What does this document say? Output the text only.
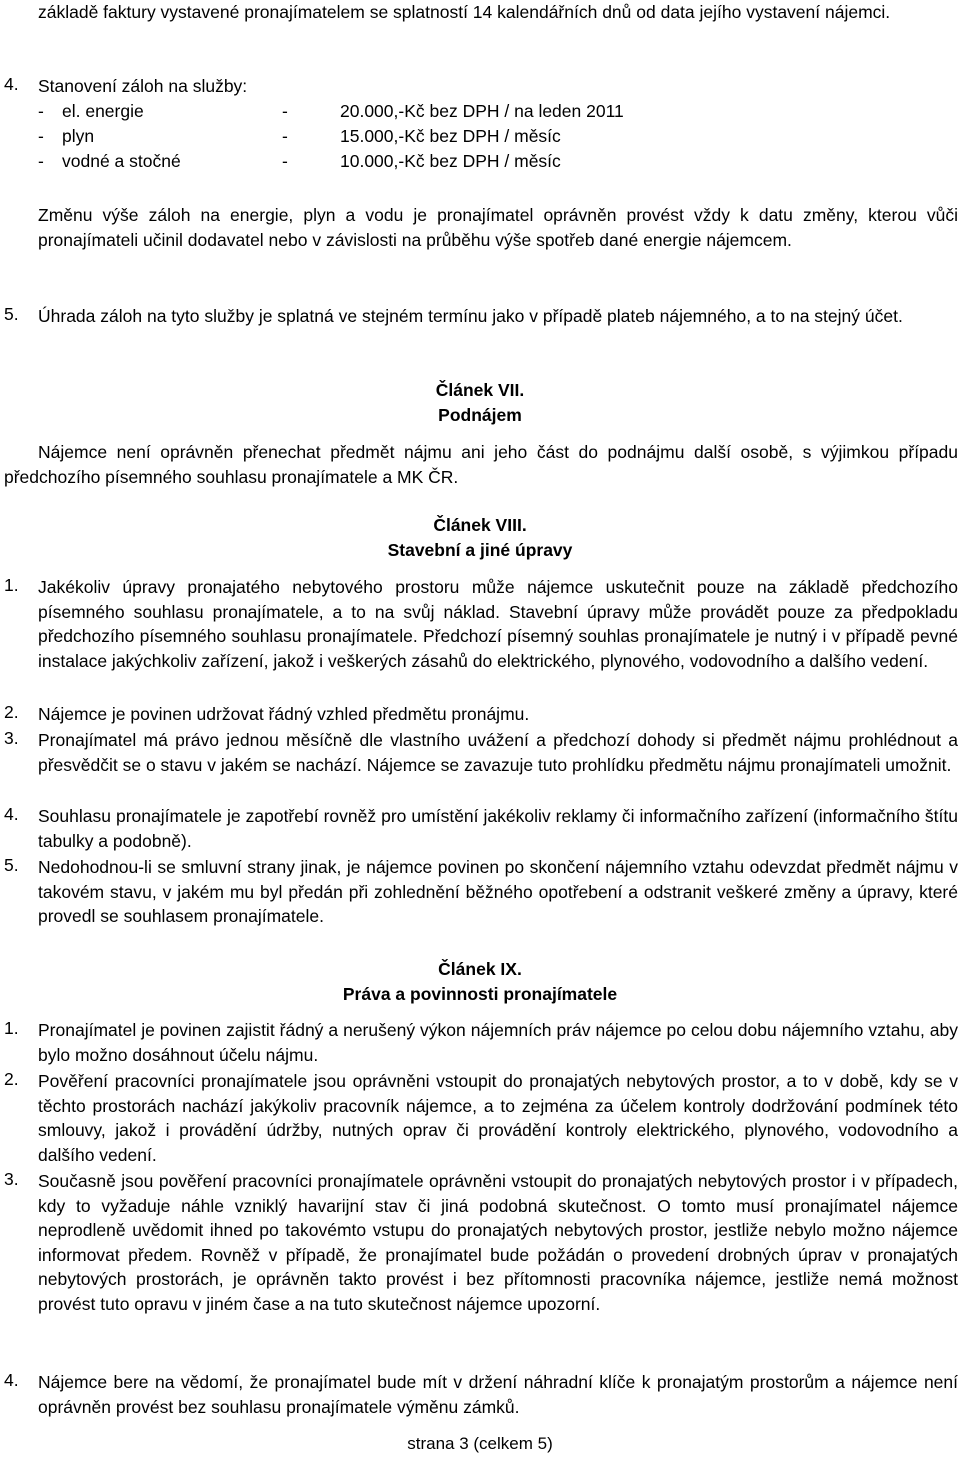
základě faktury vystavené pronajímatelem se splatností 14 kalendářních dnů od data jejího vystavení nájemci.

4.	Stanovení záloh na služby:
- el. energie	-	20.000,-Kč bez DPH / na leden 2011
- plyn	-	15.000,-Kč bez DPH / měsíc
- vodné a stočné	-	10.000,-Kč bez DPH / měsíc

Změnu výše záloh na energie, plyn a vodu je pronajímatel oprávněn provést vždy k datu změny, kterou vůči pronajímateli učinil dodavatel nebo v závislosti na průběhu výše spotřeb dané energie nájemcem.

5.	Úhrada záloh na tyto služby je splatná ve stejném termínu jako v případě plateb nájemného, a to na stejný účet.
Článek VII.
Podnájem

Nájemce není oprávněn přenechat předmět nájmu ani jeho část do podnájmu další osobě, s výjimkou případu předchozího písemného souhlasu pronajímatele a MK ČR.

Článek VIII.
Stavební a jiné úpravy
1.	Jakékoliv úpravy pronajatého nebytového prostoru může nájemce uskutečnit pouze na základě předchozího písemného souhlasu pronajímatele, a to na svůj náklad. Stavební úpravy může provádět pouze za předpokladu předchozího písemného souhlasu pronajímatele. Předchozí písemný souhlas pronajímatele je nutný i v případě pevné instalace jakýchkoliv zařízení, jakož i veškerých zásahů do elektrického, plynového, vodovodního a dalšího vedení.
2.	Nájemce je povinen udržovat řádný vzhled předmětu pronájmu.
3.	Pronajímatel má právo jednou měsíčně dle vlastního uvážení a předchozí dohody si předmět nájmu prohlédnout a přesvědčit se o stavu v jakém se nachází. Nájemce se zavazuje tuto prohlídku předmětu nájmu pronajímateli umožnit.
4.	Souhlasu pronajímatele je zapotřebí rovněž pro umístění jakékoliv reklamy či informačního zařízení (informačního štítu tabulky a podobně).
5.	Nedohodnou-li se smluvní strany jinak, je nájemce povinen po skončení nájemního vztahu odevzdat předmět nájmu v takovém stavu, v jakém mu byl předán při zohlednění běžného opotřebení a odstranit veškeré změny a úpravy, které provedl se souhlasem pronajímatele.
Článek IX.
Práva a povinnosti pronajímatele
1.	Pronajímatel je povinen zajistit řádný a nerušený výkon nájemních práv nájemce po celou dobu nájemního vztahu, aby bylo možno dosáhnout účelu nájmu.
2.	Pověření pracovníci pronajímatele jsou oprávněni vstoupit do pronajatých nebytových prostor, a to v době, kdy se v těchto prostorách nachází jakýkoliv pracovník nájemce, a to zejména za účelem kontroly dodržování podmínek této smlouvy, jakož i provádění údržby, nutných oprav či provádění kontroly elektrického, plynového, vodovodního a dalšího vedení.
3.	Současně jsou pověření pracovníci pronajímatele oprávněni vstoupit do pronajatých nebytových prostor i v případech, kdy to vyžaduje náhle vzniklý havarijní stav či jiná podobná skutečnost. O tomto musí pronajímatel nájemce neprodleně uvědomit ihned po takovémto vstupu do pronajatých nebytových prostor, jestliže nebylo možno nájemce informovat předem. Rovněž v případě, že pronajímatel bude požádán o provedení drobných úprav v pronajatých nebytových prostorách, je oprávněn takto provést i bez přítomnosti pracovníka nájemce, jestliže nemá možnost provést tuto opravu v jiném čase a na tuto skutečnost nájemce upozorní.
4.	Nájemce bere na vědomí, že pronajímatel bude mít v držení náhradní klíče k pronajatým prostorům a nájemce není oprávněn provést bez souhlasu pronajímatele výměnu zámků.
strana 3 (celkem 5)
